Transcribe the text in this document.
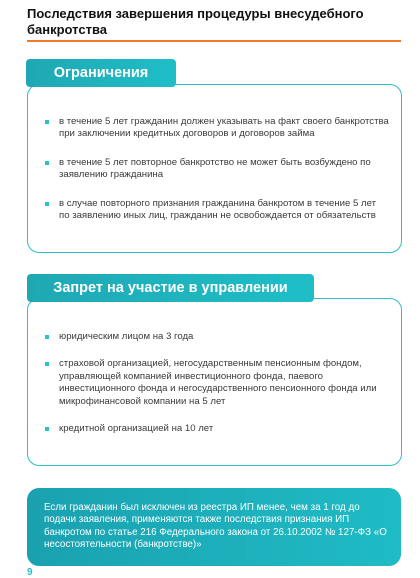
Последствия завершения процедуры внесудебного банкротства
Ограничения
в течение 5 лет гражданин должен указывать на факт своего банкротства при заключении кредитных договоров и договоров займа
в течение 5 лет повторное банкротство не может быть возбуждено по заявлению гражданина
в случае повторного признания гражданина банкротом в течение 5 лет по заявлению иных лиц, гражданин не освобождается от обязательств
Запрет на участие в управлении
юридическим лицом на 3 года
страховой организацией, негосударственным пенсионным фондом, управляющей компанией инвестиционного фонда, паевого инвестиционного фонда и негосударственного пенсионного фонда или микрофинансовой компании на 5 лет
кредитной организацией на 10 лет
Если гражданин был исключен из реестра ИП менее, чем за 1 год до подачи заявления, применяются также последствия признания ИП банкротом по статье 216 Федерального закона от 26.10.2002 № 127-ФЗ «О несостоятельности (банкротстве)»
9
